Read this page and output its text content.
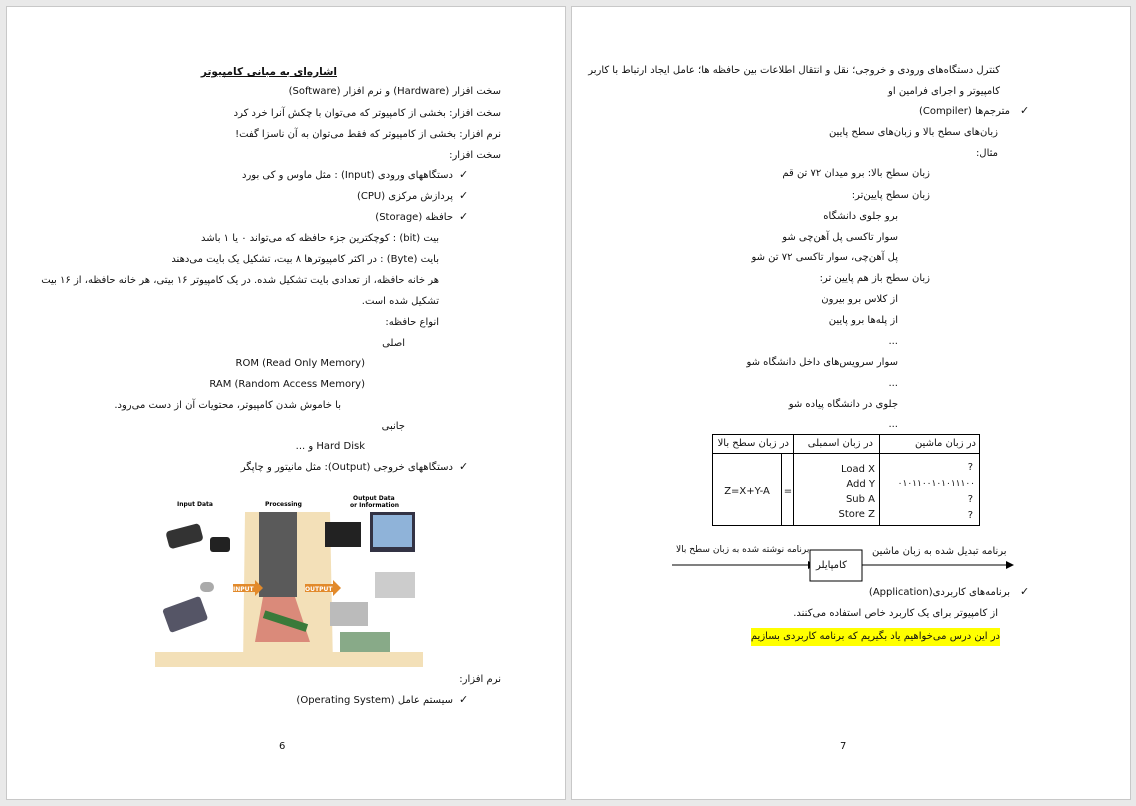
اشاره‌ای به مبانی کامپیوتر
سخت افزار (Hardware) و نرم افزار (Software)
سخت افزار: بخشی از کامپیوتر که می‌توان با چکش آنرا خرد کرد
نرم افزار: بخشی از کامپیوتر که فقط می‌توان به آن ناسزا گفت!
سخت افزار:
✓
دستگاههای ورودی (Input) : مثل ماوس و کی بورد
✓
پردازش مرکزی (CPU)
✓
حافظه (Storage)
بیت (bit) : کوچکترین جزء حافظه که می‌تواند ۰ یا ۱ باشد
بایت (Byte) : در اکثر کامپیوترها ۸ بیت، تشکیل یک بایت می‌دهند
هر خانه حافظه، از تعدادی بایت تشکیل شده. در یک کامپیوتر ۱۶ بیتی، هر خانه حافظه، از ۱۶ بیت
تشکیل شده است.
انواع حافظه:
اصلی
ROM (Read Only Memory)
RAM (Random Access Memory)
با خاموش شدن کامپیوتر، محتویات آن از دست می‌رود.
جانبی
Hard Disk و ...
✓
دستگاههای خروجی (Output): مثل مانیتور و چاپگر
Input Data	Processing
Output Data
or Information
INPUT	OUTPUT
نرم افزار:
✓
سیستم عامل (Operating System)
6
کنترل دستگاه‌های ورودی و خروجی؛ نقل و انتقال اطلاعات بین حافظه ها؛ عامل ایجاد ارتباط با کاربر
کامپیوتر و اجرای فرامین او
✓
مترجم‌ها (Compiler)
زبان‌های سطح بالا و زبان‌های سطح پایین
مثال:
زبان سطح بالا: برو میدان ۷۲ تن قم
زبان سطح پایین‌تر:
برو جلوی دانشگاه
سوار تاکسی پل آهن‌چی شو
پل آهن‌چی، سوار تاکسی ۷۲ تن شو
زبان سطح باز هم پایین تر:
از کلاس برو بیرون
از پله‌ها برو پایین
...
سوار سرویس‌های داخل دانشگاه شو
...
جلوی در دانشگاه پیاده شو
...
در زبان ماشین
در زبان اسمبلی
در زبان سطح بالا
?
۰۱۰۱۱۰۰۱۰۱۰۱۱۱۰۰
?
?
Load X
Add Y
Sub A
Store Z
=
Z=X+Y-A
برنامه نوشته شده به زبان سطح بالا
کامپایلر
برنامه تبدیل شده به زبان ماشین
✓
برنامه‌های کاربردی(Application)
از کامپیوتر برای یک کاربرد خاص استفاده می‌کنند.
در این درس می‌خواهیم یاد بگیریم که برنامه کاربردی بسازیم
7
